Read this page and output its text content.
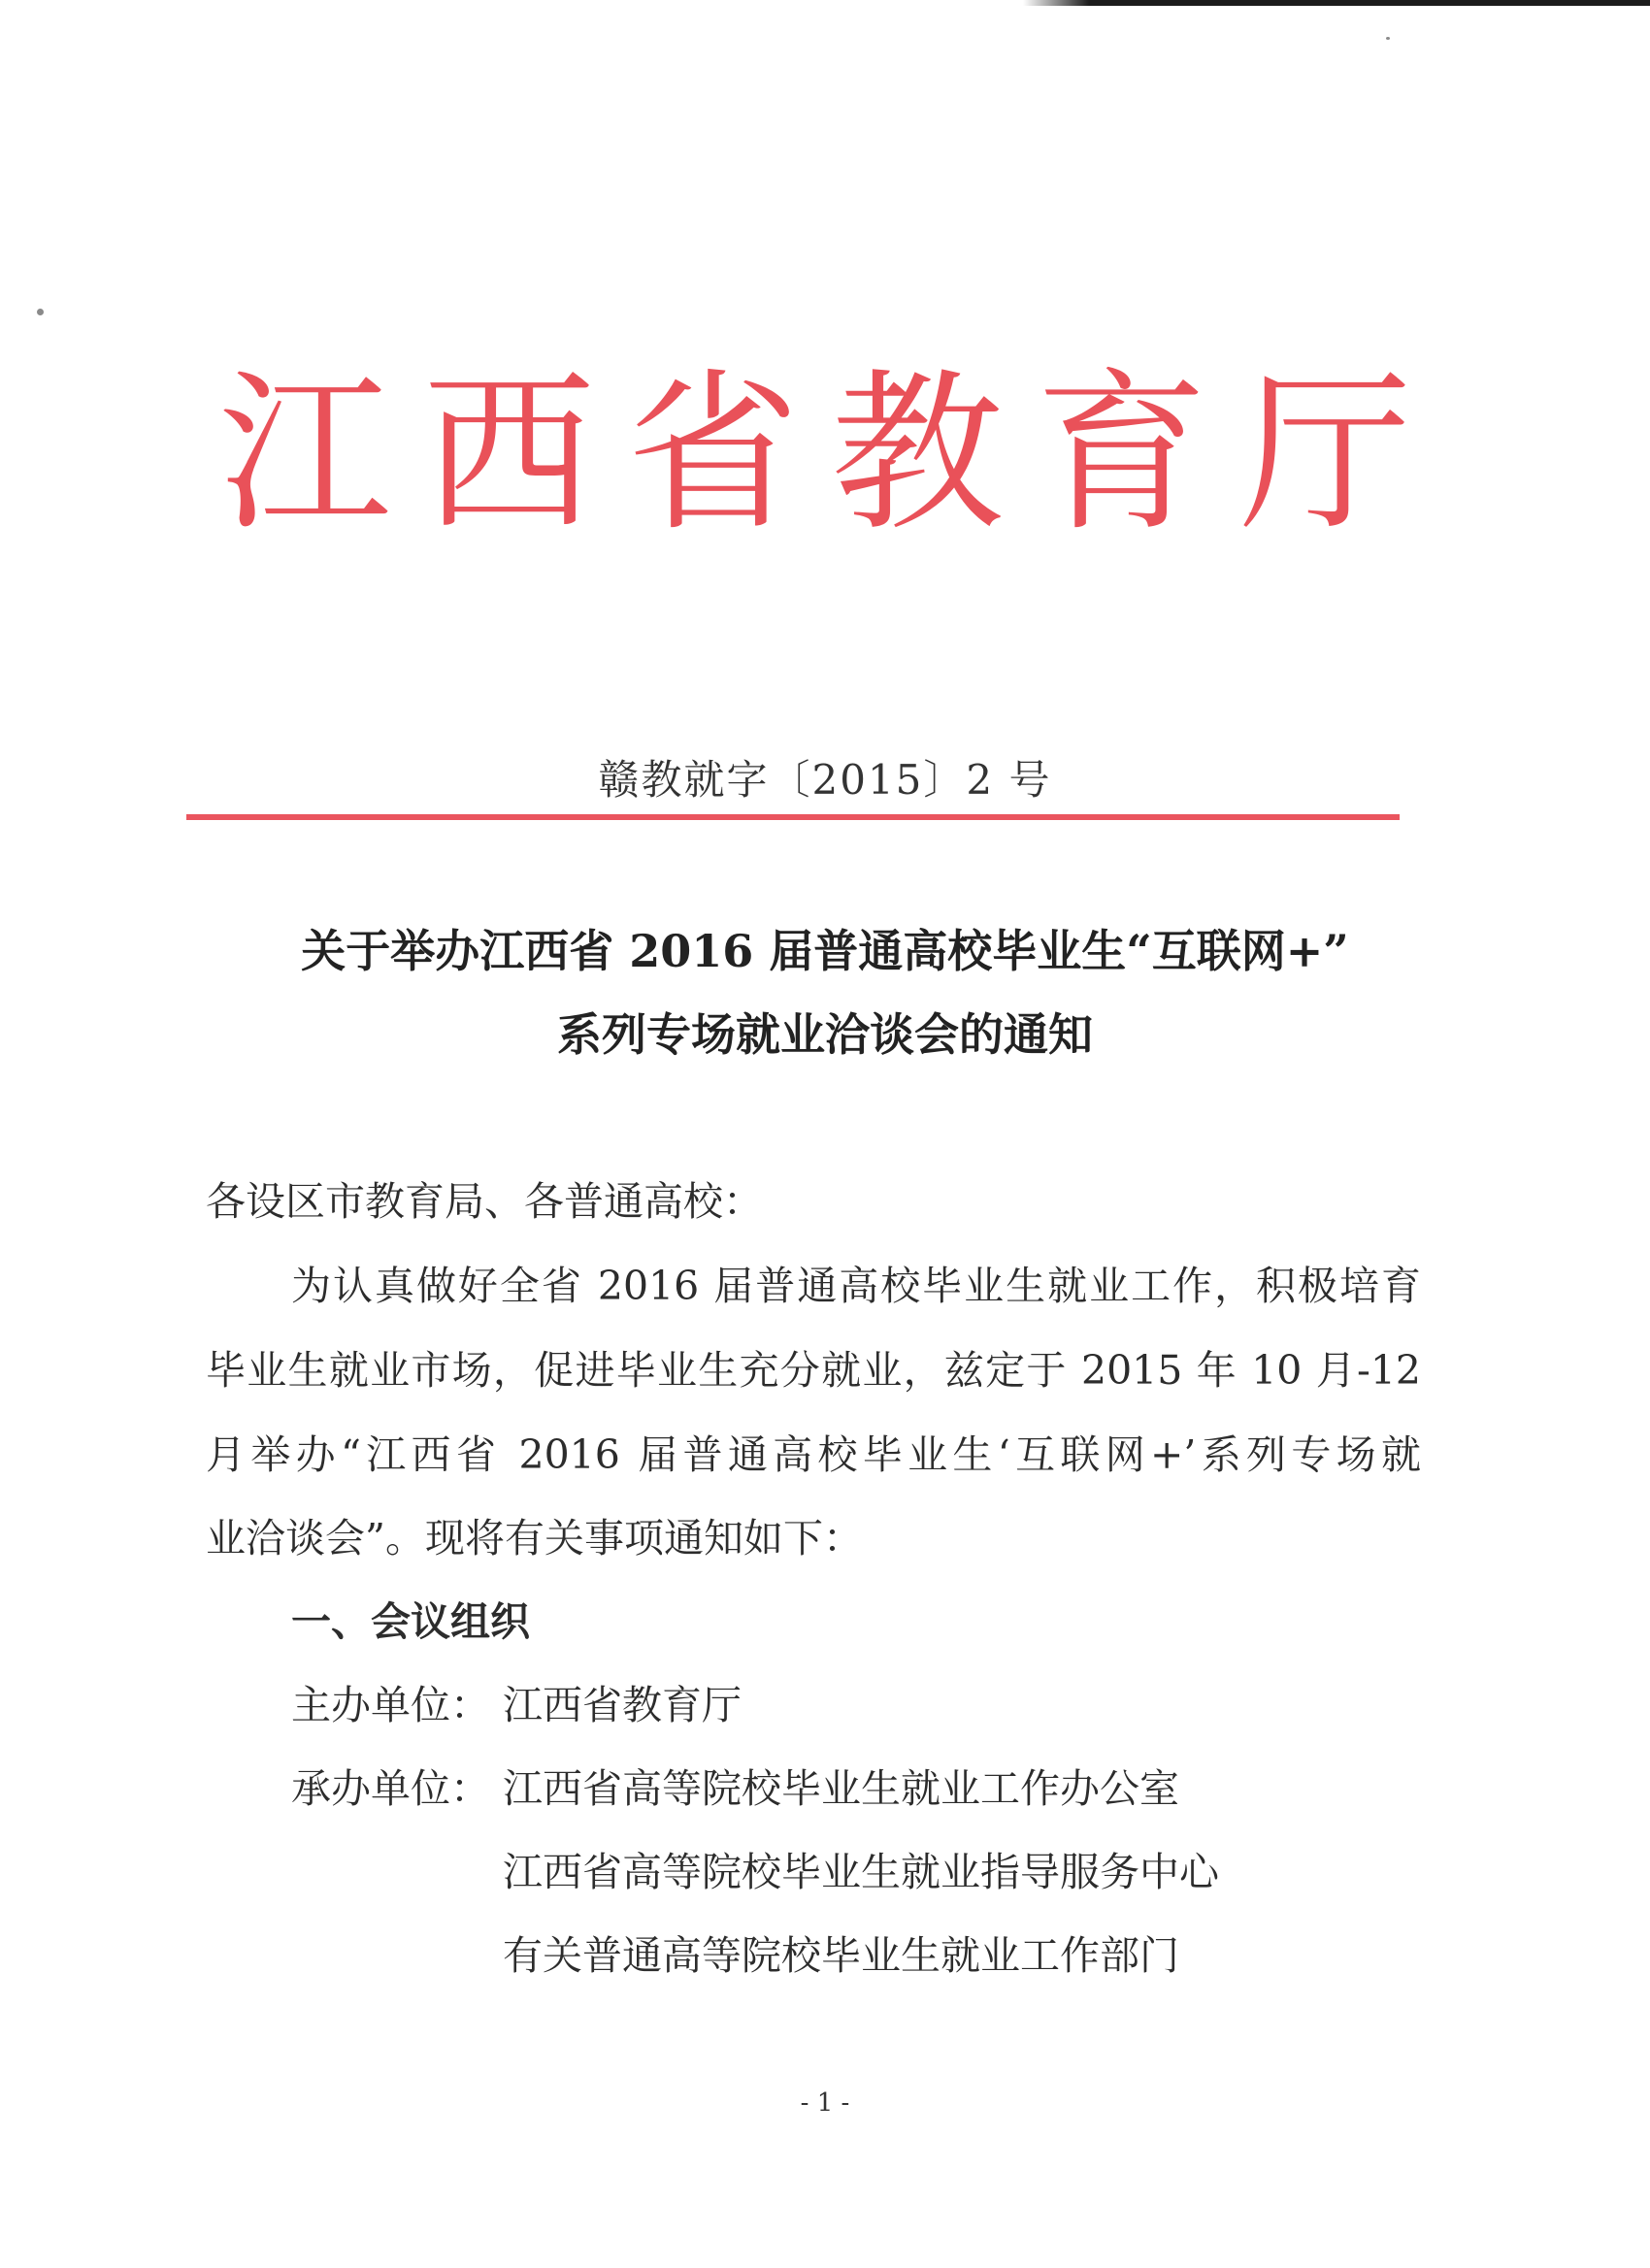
江 西 省 教 育 厅
赣教就字〔2015〕2 号
关于举办江西省 2016 届普通高校毕业生“互联网+”
系列专场就业洽谈会的通知
各设区市教育局、各普通高校：
为认真做好全省 2016 届普通高校毕业生就业工作，积极培育
毕业生就业市场，促进毕业生充分就业，兹定于 2015 年 10 月-12
月举办“江西省 2016 届普通高校毕业生‘互联网+’系列专场就
业洽谈会”。现将有关事项通知如下：
一、会议组织
主办单位： 江西省教育厅
承办单位： 江西省高等院校毕业生就业工作办公室
江西省高等院校毕业生就业指导服务中心
有关普通高等院校毕业生就业工作部门
- 1 -
